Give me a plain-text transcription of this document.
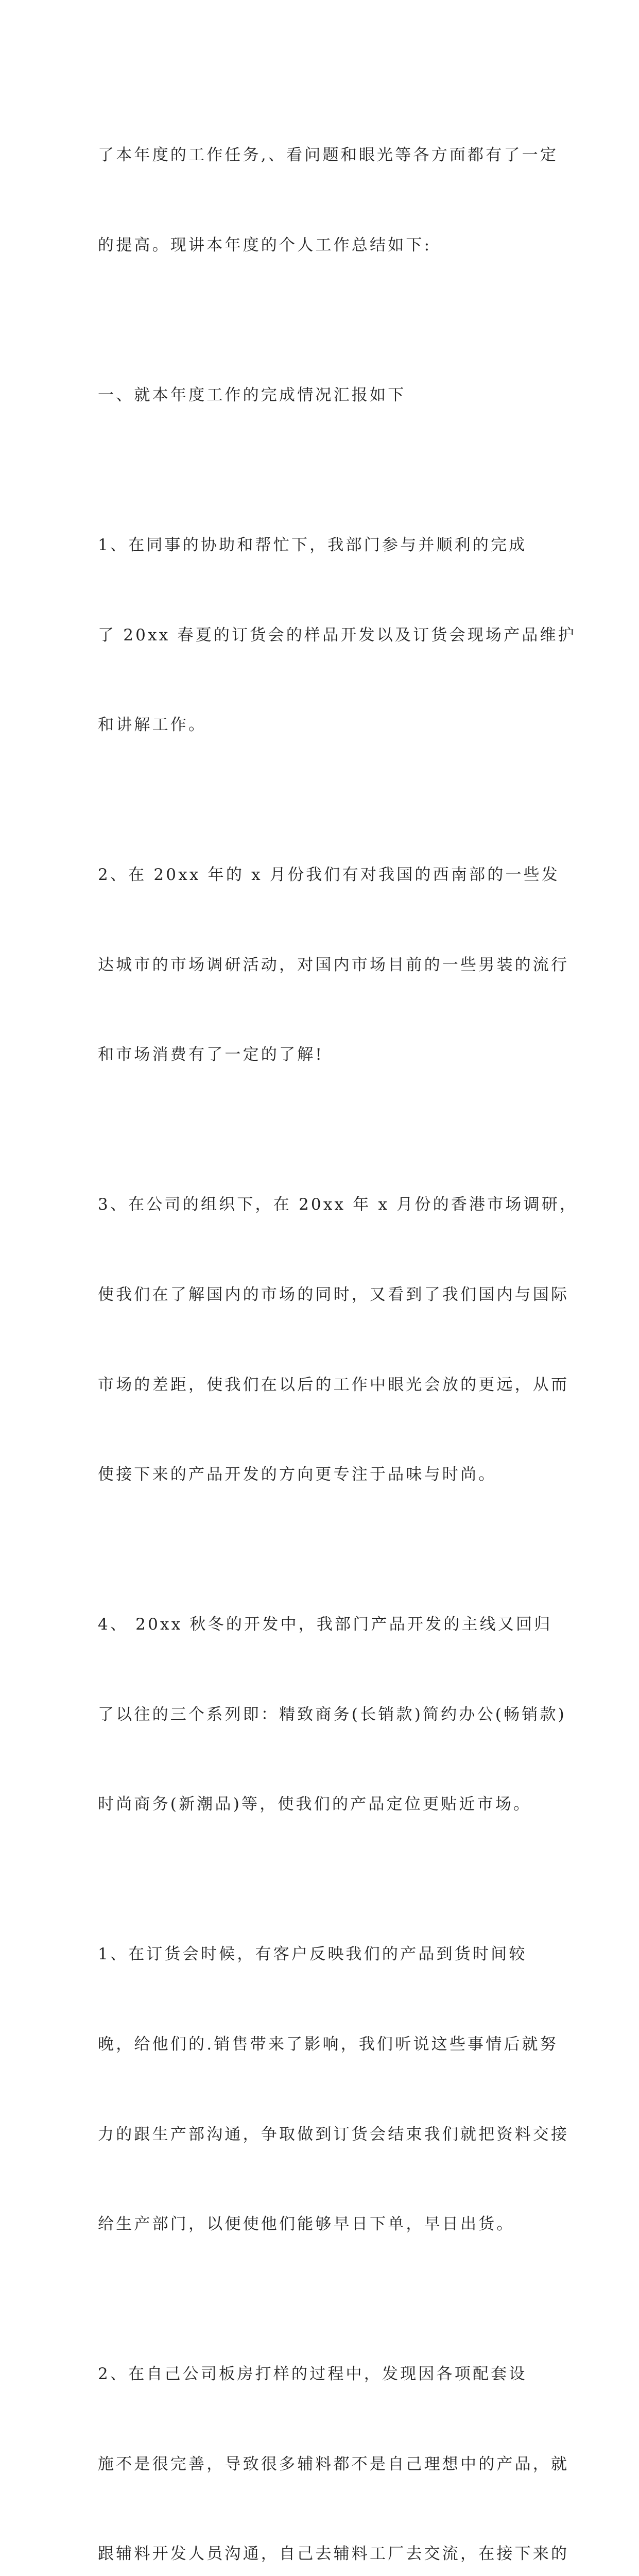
了本年度的工作任务,、看问题和眼光等各方面都有了一定

的提高。现讲本年度的个人工作总结如下:

一、就本年度工作的完成情况汇报如下

1、在同事的协助和帮忙下，我部门参与并顺利的完成

了 20xx 春夏的订货会的样品开发以及订货会现场产品维护

和讲解工作。

2、在 20xx 年的 x 月份我们有对我国的西南部的一些发

达城市的市场调研活动，对国内市场目前的一些男装的流行

和市场消费有了一定的了解!

3、在公司的组织下，在 20xx 年 x 月份的香港市场调研，

使我们在了解国内的市场的同时，又看到了我们国内与国际

市场的差距，使我们在以后的工作中眼光会放的更远，从而

使接下来的产品开发的方向更专注于品味与时尚。

4、 20xx 秋冬的开发中，我部门产品开发的主线又回归

了以往的三个系列即：精致商务(长销款)简约办公(畅销款)

时尚商务(新潮品)等，使我们的产品定位更贴近市场。

1、在订货会时候，有客户反映我们的产品到货时间较

晚，给他们的.销售带来了影响，我们听说这些事情后就努

力的跟生产部沟通，争取做到订货会结束我们就把资料交接

给生产部门，以便使他们能够早日下单，早日出货。

2、在自己公司板房打样的过程中，发现因各项配套设

施不是很完善，导致很多辅料都不是自己理想中的产品，就

跟辅料开发人员沟通，自己去辅料工厂去交流，在接下来的
